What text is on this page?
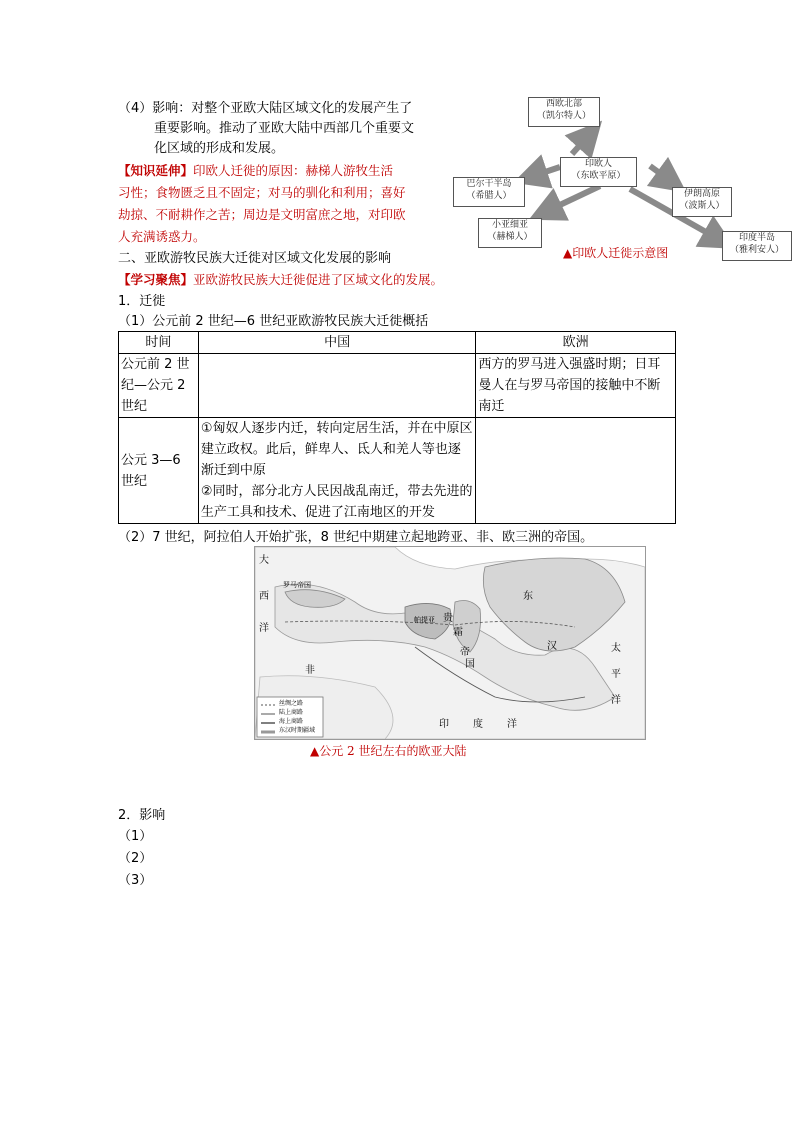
（4）影响：对整个亚欧大陆区域文化的发展产生了
重要影响。推动了亚欧大陆中西部几个重要文
化区域的形成和发展。
【知识延伸】印欧人迁徙的原因：赫梯人游牧生活
习性；食物匮乏且不固定；对马的驯化和利用；喜好
劫掠、不耐耕作之苦；周边是文明富庶之地，对印欧
人充满诱惑力。
西欧北部
（凯尔特人）
印欧人
（东欧平原）
巴尔干半岛
（希腊人）
小亚细亚
（赫梯人）
伊朗高原
（波斯人）
印度半岛
（雅利安人）
▲印欧人迁徙示意图
二、亚欧游牧民族大迁徙对区域文化发展的影响
【学习聚焦】亚欧游牧民族大迁徙促进了区域文化的发展。
1．迁徙
（1）公元前 2 世纪—6 世纪亚欧游牧民族大迁徙概括
时间	中国	欧洲
公元前 2 世纪—公元 2 世纪		西方的罗马进入强盛时期；日耳曼人在与罗马帝国的接触中不断南迁
公元 3—6 世纪	①匈奴人逐步内迁，转向定居生活，并在中原区建立政权。此后，鲜卑人、氐人和羌人等也逐渐迁到中原
②同时，部分北方人民因战乱南迁，带去先进的生产工具和技术、促进了江南地区的开发	

（2）7 世纪，阿拉伯人开始扩张，8 世纪中期建立起地跨亚、非、欧三洲的帝国。
大
罗马帝国
西
洋
非
帕提亚 贵
霜
帝
国
东
汉	太
平
洋
印 度 洋
丝绸之路
陆上商路
海上商路
东汉时期疆域
▲公元 2 世纪左右的欧亚大陆
2．影响
（1）
（2）
（3）
